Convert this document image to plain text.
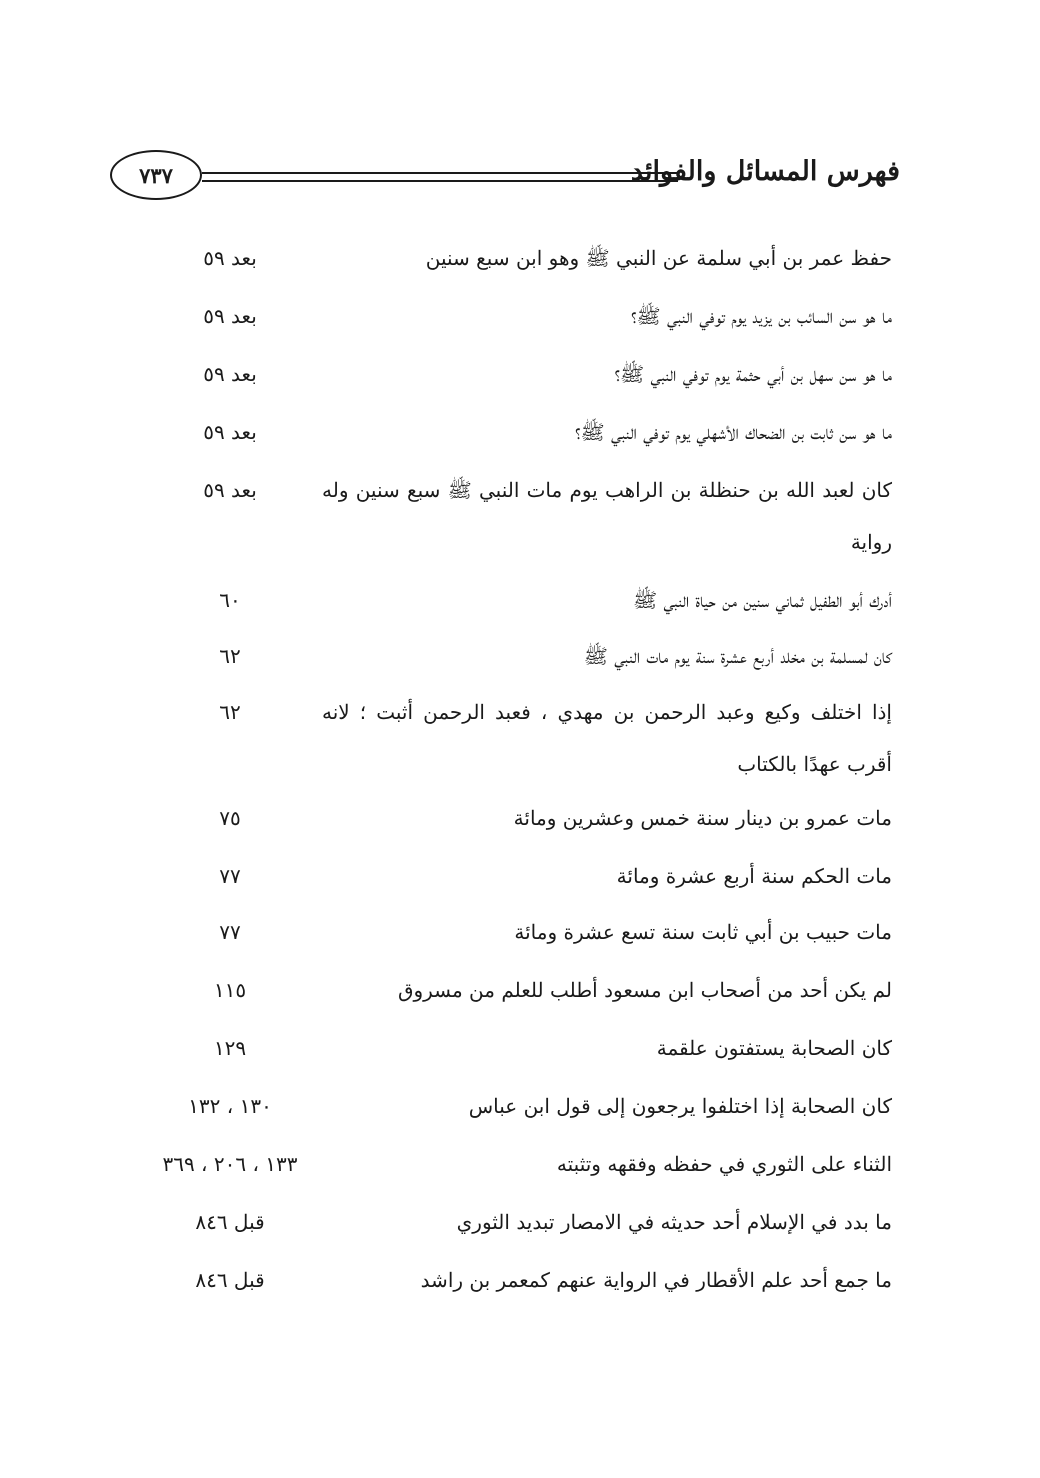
٧٣٧	فهرس المسائل والفوائد
حفظ عمر بن أبي سلمة عن النبي ﷺ وهو ابن سبع سنين
بعد ٥٩
ما هو سن السائب بن يزيد يوم توفي النبي ﷺ؟
بعد ٥٩
ما هو سن سهل بن أبي حثمة يوم توفي النبي ﷺ؟
بعد ٥٩
ما هو سن ثابت بن الضحاك الأشهلي يوم توفي النبي ﷺ؟
بعد ٥٩
كان لعبد الله بن حنظلة بن الراهب يوم مات النبي ﷺ سبع سنين وله رواية
بعد ٥٩
أدرك أبو الطفيل ثماني سنين من حياة النبي ﷺ
٦٠
كان لمسلمة بن مخلد أربع عشرة سنة يوم مات النبي ﷺ
٦٢
إذا اختلف وكيع وعبد الرحمن بن مهدي ، فعبد الرحمن أثبت ؛ لانه أقرب عهدًا بالكتاب
٦٢
مات عمرو بن دينار سنة خمس وعشرين ومائة
٧٥
مات الحكم سنة أربع عشرة ومائة
٧٧
مات حبيب بن أبي ثابت سنة تسع عشرة ومائة
٧٧
لم يكن أحد من أصحاب ابن مسعود أطلب للعلم من مسروق
١١٥
كان الصحابة يستفتون علقمة
١٢٩
كان الصحابة إذا اختلفوا يرجعون إلى قول ابن عباس
١٣٠ ، ١٣٢
الثناء على الثوري في حفظه وفقهه وتثبته
١٣٣ ، ٢٠٦ ، ٣٦٩
ما بدد في الإسلام أحد حديثه في الامصار تبديد الثوري
قبل ٨٤٦
ما جمع أحد علم الأقطار في الرواية عنهم كمعمر بن راشد
قبل ٨٤٦
